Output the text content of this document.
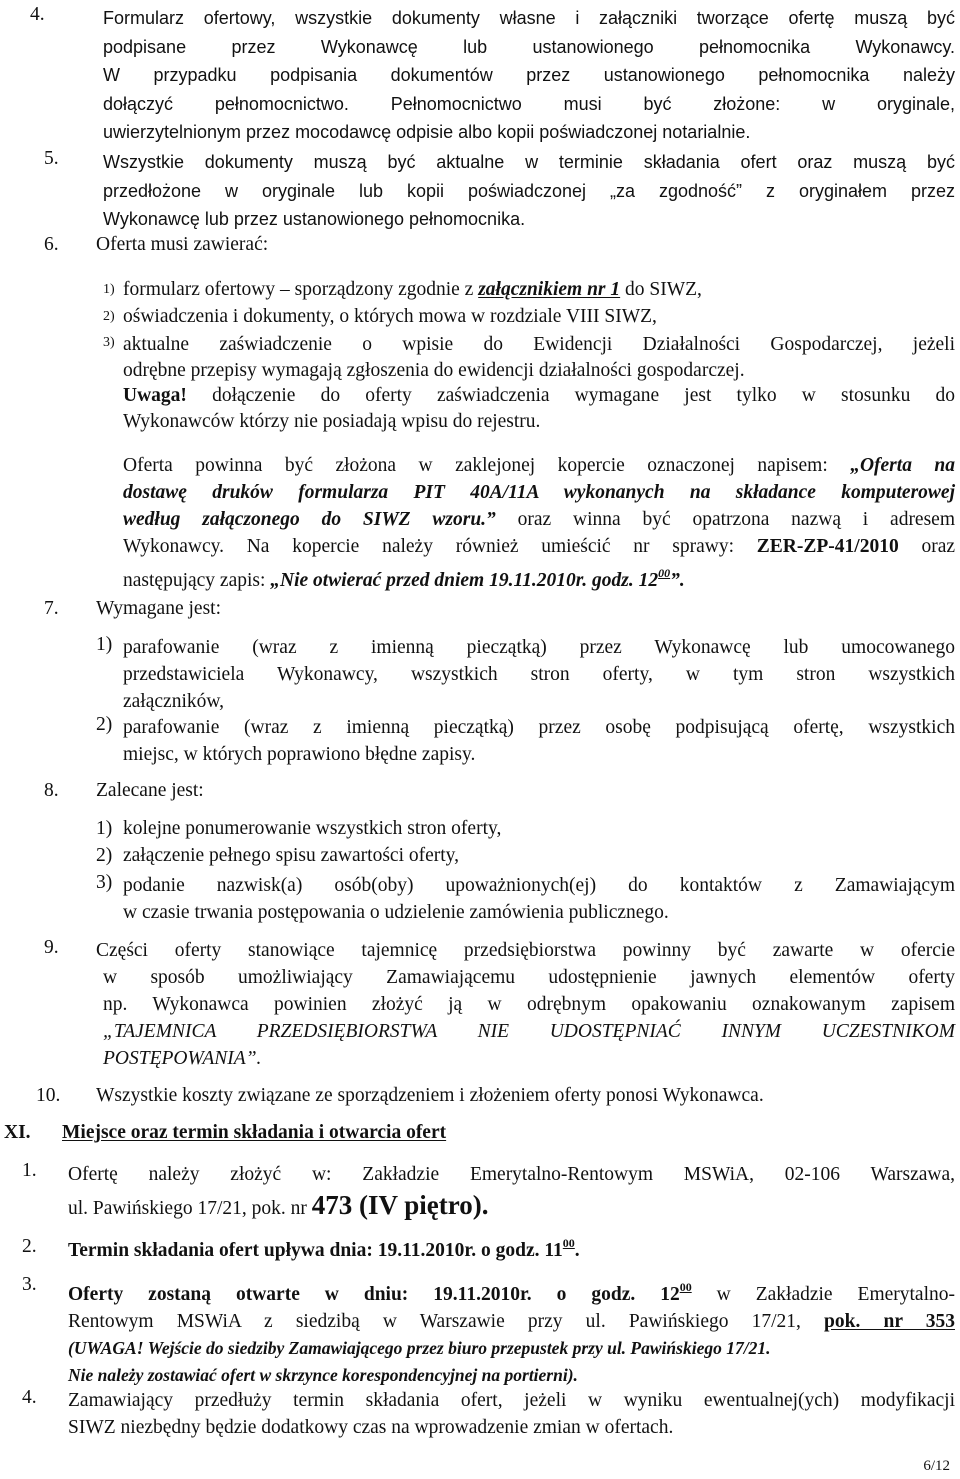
4.	Formularz ofertowy, wszystkie dokumenty własne i załączniki tworzące ofertę muszą być
podpisane przez Wykonawcę lub ustanowionego pełnomocnika Wykonawcy.
W przypadku podpisania dokumentów przez ustanowionego pełnomocnika należy
dołączyć pełnomocnictwo. Pełnomocnictwo musi być złożone: w oryginale,
uwierzytelnionym przez mocodawcę odpisie albo kopii poświadczonej notarialnie.
5. Wszystkie dokumenty muszą być aktualne w terminie składania ofert oraz muszą być
przedłożone w oryginale lub kopii poświadczonej „za zgodność” z oryginałem przez
Wykonawcę lub przez ustanowionego pełnomocnika.
6. Oferta musi zawierać:
1) formularz ofertowy – sporządzony zgodnie z załącznikiem nr 1 do SIWZ,
2) oświadczenia i dokumenty, o których mowa w rozdziale VIII SIWZ,
3) aktualne zaświadczenie o wpisie do Ewidencji Działalności Gospodarczej, jeżeli
odrębne przepisy wymagają zgłoszenia do ewidencji działalności gospodarczej.
Uwaga! dołączenie do oferty zaświadczenia wymagane jest tylko w stosunku do
Wykonawców którzy nie posiadają wpisu do rejestru.
Oferta powinna być złożona w zaklejonej kopercie oznaczonej napisem: „Oferta na
dostawę druków formularza PIT 40A/11A wykonanych na składance komputerowej
według załączonego do SIWZ wzoru.” oraz winna być opatrzona nazwą i adresem
Wykonawcy. Na kopercie należy również umieścić nr sprawy: ZER-ZP-41/2010 oraz
następujący zapis: „Nie otwierać przed dniem 19.11.2010r. godz. $12^{00}$”.
7. Wymagane jest:
1) parafowanie (wraz z imienną pieczątką) przez Wykonawcę lub umocowanego
przedstawiciela Wykonawcy, wszystkich stron oferty, w tym stron wszystkich
załączników,
2) parafowanie (wraz z imienną pieczątką) przez osobę podpisującą ofertę, wszystkich
miejsc, w których poprawiono błędne zapisy.
8. Zalecane jest:
1) kolejne ponumerowanie wszystkich stron oferty,
2) załączenie pełnego spisu zawartości oferty,
3) podanie nazwisk(a) osób(oby) upoważnionych(ej) do kontaktów z Zamawiającym
w czasie trwania postępowania o udzielenie zamówienia publicznego.
9. Części oferty stanowiące tajemnicę przedsiębiorstwa powinny być zawarte w ofercie
w sposób umożliwiający Zamawiającemu udostępnienie jawnych elementów oferty
np. Wykonawca powinien złożyć ją w odrębnym opakowaniu oznakowanym zapisem
„TAJEMNICA PRZEDSIĘBIORSTWA NIE UDOSTĘPNIAĆ INNYM UCZESTNIKOM
POSTĘPOWANIA”.
10. Wszystkie koszty związane ze sporządzeniem i złożeniem oferty ponosi Wykonawca.
XI. Miejsce oraz termin składania i otwarcia ofert
1. Ofertę należy złożyć w: Zakładzie Emerytalno-Rentowym MSWiA, 02-106 Warszawa,
ul. Pawińskiego 17/21, pok. nr 473 (IV piętro).
2. Termin składania ofert upływa dnia: 19.11.2010r. o godz. $11^{00}$.
3. Oferty zostaną otwarte w dniu: 19.11.2010r. o godz. $12^{00}$ w Zakładzie Emerytalno-
Rentowym MSWiA z siedzibą w Warszawie przy ul. Pawińskiego 17/21, pok. nr 353
(UWAGA! Wejście do siedziby Zamawiającego przez biuro przepustek przy ul. Pawińskiego 17/21.
Nie należy zostawiać ofert w skrzynce korespondencyjnej na portierni).
4. Zamawiający przedłuży termin składania ofert, jeżeli w wyniku ewentualnej(ych) modyfikacji
SIWZ niezbędny będzie dodatkowy czas na wprowadzenie zmian w ofertach.
6/12
